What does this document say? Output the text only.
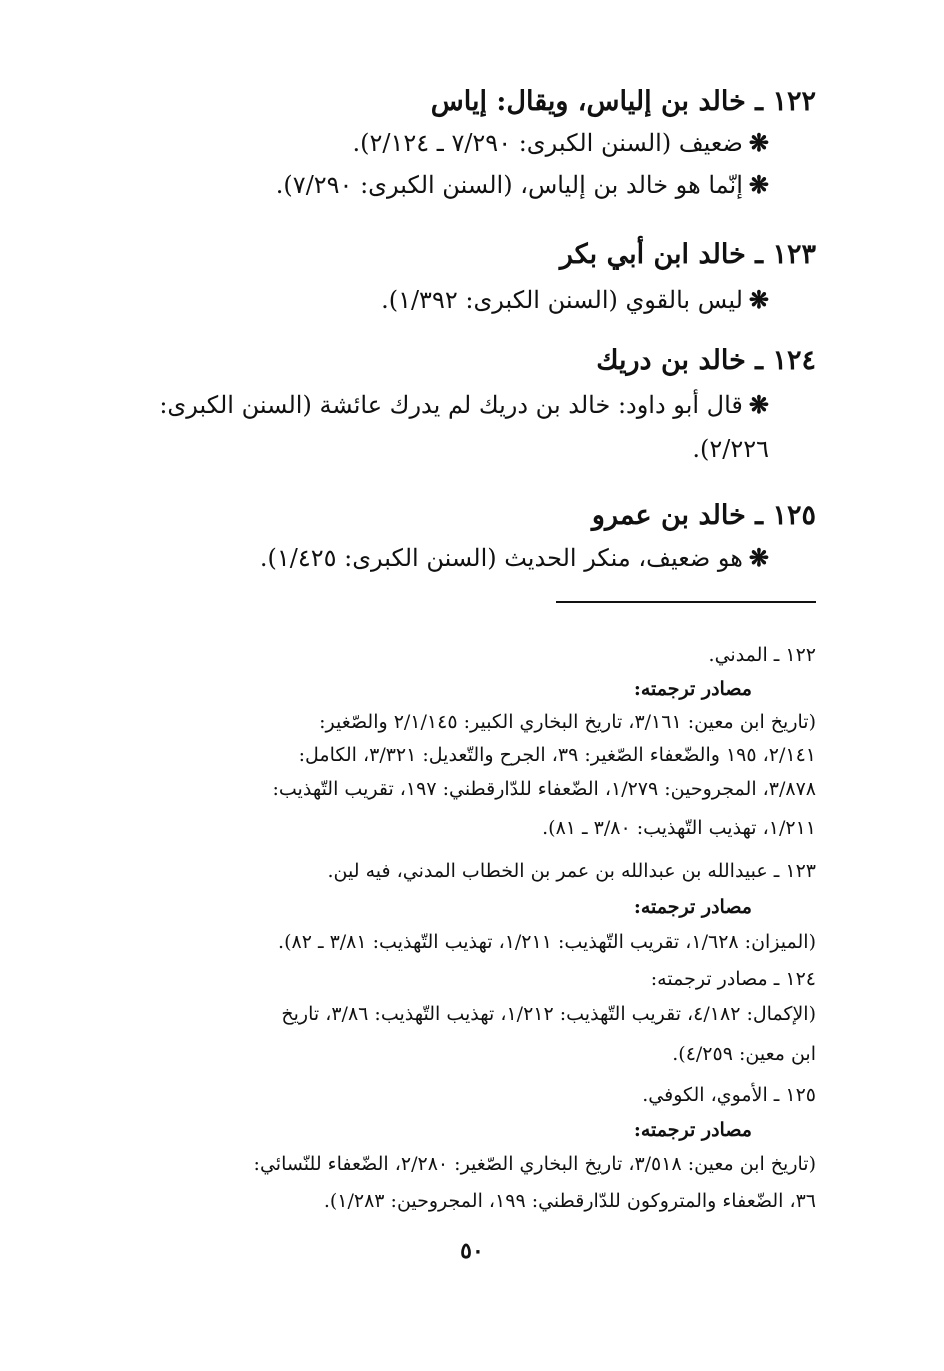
١٢٢ ـ خالد بن إلياس، ويقال: إياس
❋ضعيف (السنن الكبرى: ٧/٢٩٠ ـ ٢/١٢٤).
❋إنّما هو خالد بن إلياس، (السنن الكبرى: ٧/٢٩٠).
١٢٣ ـ خالد ابن أبي بكر
❋ليس بالقوي (السنن الكبرى: ١/٣٩٢).
١٢٤ ـ خالد بن دريك
❋قال أبو داود: خالد بن دريك لم يدرك عائشة (السنن الكبرى:
٢/٢٢٦).
١٢٥ ـ خالد بن عمرو
❋هو ضعيف، منكر الحديث (السنن الكبرى: ١/٤٢٥).
١٢٢ ـ المدني.
مصادر ترجمته:
(تاريخ ابن معين: ٣/١٦١، تاريخ البخاري الكبير: ٢/١/١٤٥ والصّغير:
٢/١٤١، ١٩٥ والضّعفاء الصّغير: ٣٩، الجرح والتّعديل: ٣/٣٢١، الكامل:
٣/٨٧٨، المجروحين: ١/٢٧٩، الضّعفاء للدّارقطني: ١٩٧، تقريب التّهذيب:
١/٢١١، تهذيب التّهذيب: ٣/٨٠ ـ ٨١).
١٢٣ ـ عبيدالله بن عبدالله بن عمر بن الخطاب المدني، فيه لين.
مصادر ترجمته:
(الميزان: ١/٦٢٨، تقريب التّهذيب: ١/٢١١، تهذيب التّهذيب: ٣/٨١ ـ ٨٢).
١٢٤ ـ مصادر ترجمته:
(الإكمال: ٤/١٨٢، تقريب التّهذيب: ١/٢١٢، تهذيب التّهذيب: ٣/٨٦، تاريخ
ابن معين: ٤/٢٥٩).
١٢٥ ـ الأموي، الكوفي.
مصادر ترجمته:
(تاريخ ابن معين: ٣/٥١٨، تاريخ البخاري الصّغير: ٢/٢٨٠، الضّعفاء للنّسائي:
٣٦، الضّعفاء والمتروكون للدّارقطني: ١٩٩، المجروحين: ١/٢٨٣).
٥٠
